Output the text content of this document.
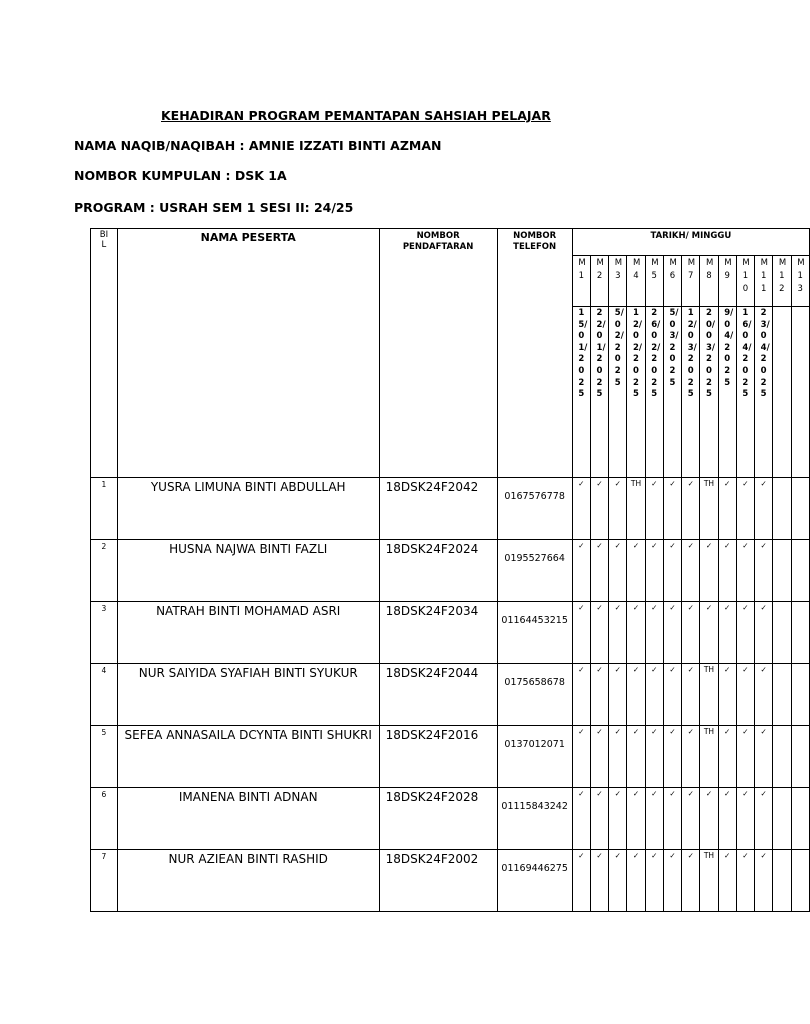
KEHADIRAN PROGRAM PEMANTAPAN SAHSIAH PELAJAR
NAMA NAQIB/NAQIBAH : AMNIE IZZATI BINTI AZMAN
NOMBOR KUMPULAN : DSK 1A
PROGRAM : USRAH SEM 1 SESI II: 24/25
BIL	NAMA PESERTA	NOMBOR PENDAFTARAN	NOMBOR TELEFON	TARIKH/ MINGGU												

				M1	M2	M3	M4	M5	M6	M7	M8	M9	M10	M11	M12	M13

				15/01/2025	22/01/2025	5/02/2025	12/02/2025	26/02/2025	5/03/2025	12/03/2025	20/03/2025	9/04/2025	16/04/2025	23/04/2025		

1	YUSRA LIMUNA BINTI ABDULLAH	18DSK24F2042	0167576778	✓	✓	✓	TH	✓	✓	✓	TH	✓	✓	✓		

2	HUSNA NAJWA BINTI FAZLI	18DSK24F2024	0195527664	✓	✓	✓	✓	✓	✓	✓	✓	✓	✓	✓		

3	NATRAH BINTI MOHAMAD ASRI	18DSK24F2034	01164453215	✓	✓	✓	✓	✓	✓	✓	✓	✓	✓	✓		

4	NUR SAIYIDA SYAFIAH BINTI SYUKUR	18DSK24F2044	0175658678	✓	✓	✓	✓	✓	✓	✓	TH	✓	✓	✓		

5	SEFEA ANNASAILA DCYNTA BINTI SHUKRI	18DSK24F2016	0137012071	✓	✓	✓	✓	✓	✓	✓	TH	✓	✓	✓		

6	IMANENA BINTI ADNAN	18DSK24F2028	01115843242	✓	✓	✓	✓	✓	✓	✓	✓	✓	✓	✓		

7	NUR AZIEAN BINTI RASHID	18DSK24F2002	01169446275	✓	✓	✓	✓	✓	✓	✓	TH	✓	✓	✓		
